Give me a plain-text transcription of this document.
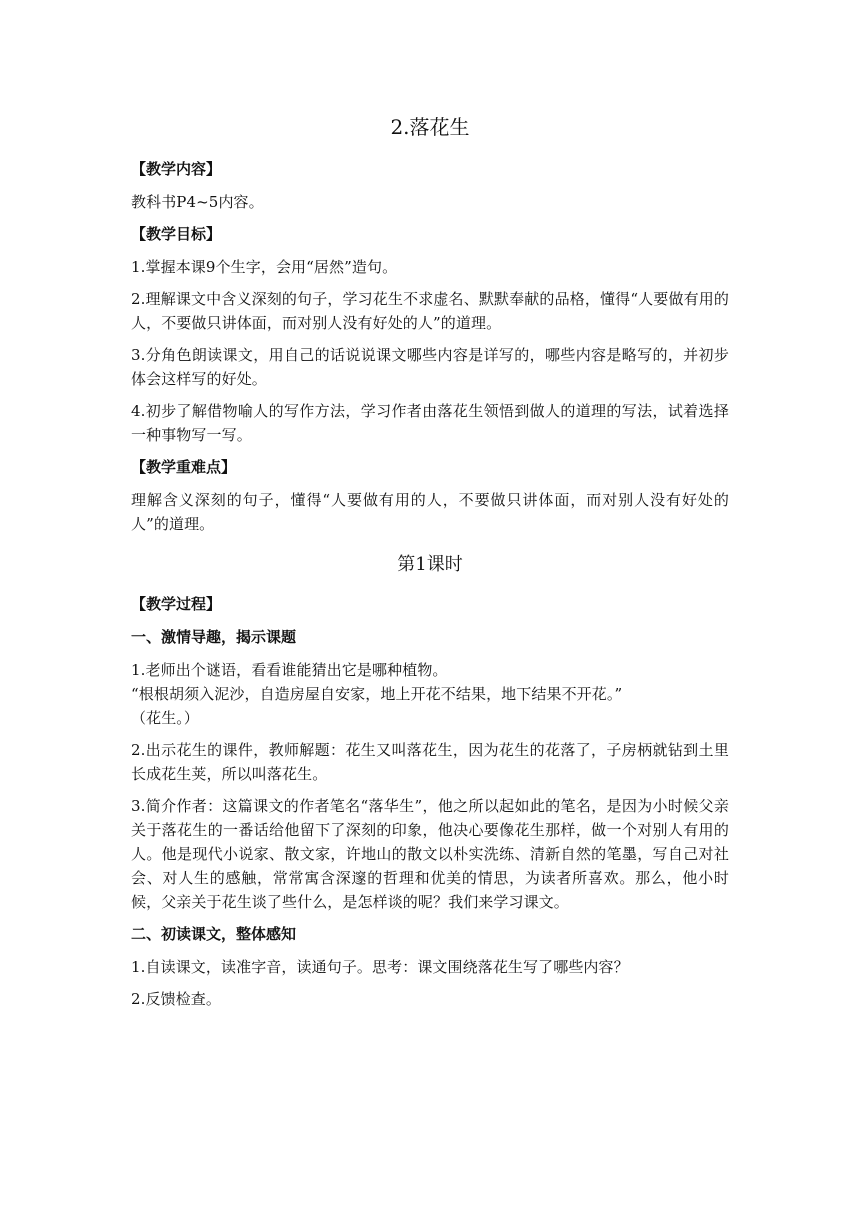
2.落花生
【教学内容】
教科书P4~5内容。
【教学目标】
1.掌握本课9个生字，会用“居然”造句。
2.理解课文中含义深刻的句子，学习花生不求虚名、默默奉献的品格，懂得“人要做有用的人，不要做只讲体面，而对别人没有好处的人”的道理。
3.分角色朗读课文，用自己的话说说课文哪些内容是详写的，哪些内容是略写的，并初步体会这样写的好处。
4.初步了解借物喻人的写作方法，学习作者由落花生领悟到做人的道理的写法，试着选择一种事物写一写。
【教学重难点】
理解含义深刻的句子，懂得“人要做有用的人，不要做只讲体面，而对别人没有好处的人”的道理。
第1课时
【教学过程】
一、激情导趣，揭示课题
1.老师出个谜语，看看谁能猜出它是哪种植物。
“根根胡须入泥沙，自造房屋自安家，地上开花不结果，地下结果不开花。”
（花生。）
2.出示花生的课件，教师解题：花生又叫落花生，因为花生的花落了，子房柄就钻到土里长成花生荚，所以叫落花生。
3.简介作者：这篇课文的作者笔名“落华生”，他之所以起如此的笔名，是因为小时候父亲关于落花生的一番话给他留下了深刻的印象，他决心要像花生那样，做一个对别人有用的人。他是现代小说家、散文家，许地山的散文以朴实洗练、清新自然的笔墨，写自己对社会、对人生的感触，常常寓含深邃的哲理和优美的情思，为读者所喜欢。那么，他小时候，父亲关于花生谈了些什么，是怎样谈的呢？我们来学习课文。
二、初读课文，整体感知
1.自读课文，读准字音，读通句子。思考：课文围绕落花生写了哪些内容？
2.反馈检查。
